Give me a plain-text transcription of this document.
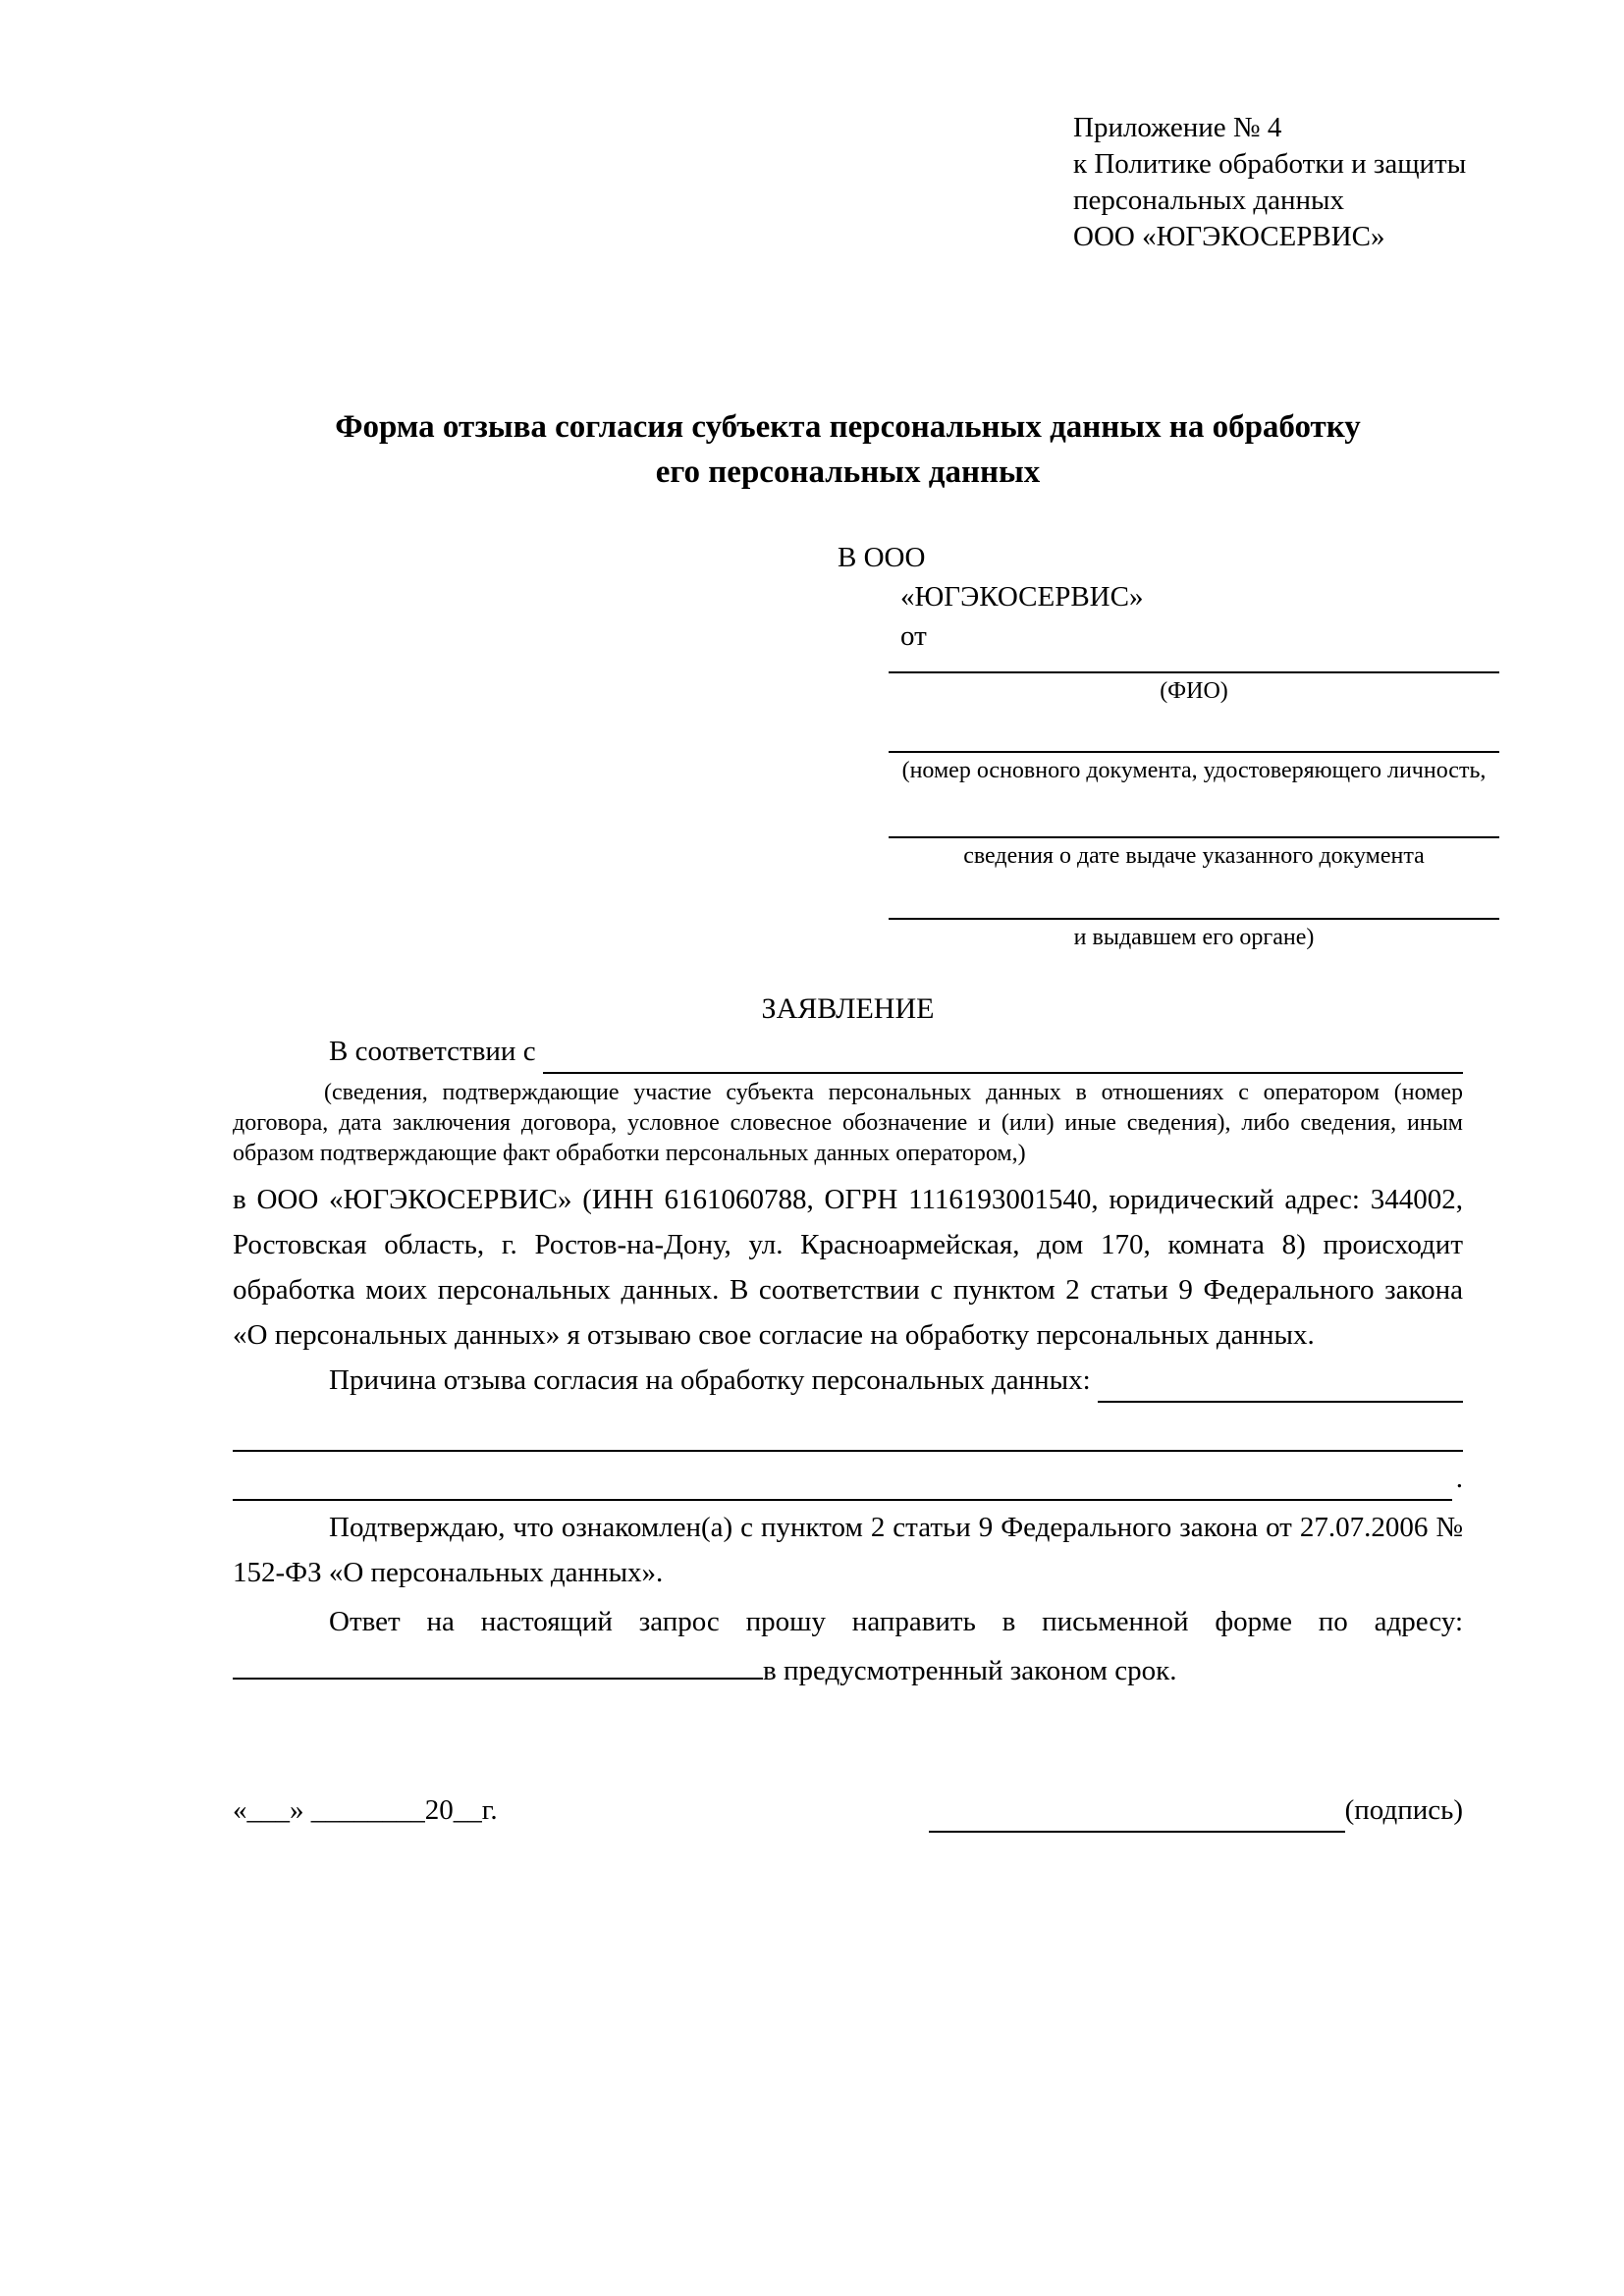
Приложение № 4
к Политике обработки и защиты
персональных данных
ООО «ЮГЭКОСЕРВИС»
Форма отзыва согласия субъекта персональных данных на обработку
его персональных данных
В ООО
«ЮГЭКОСЕРВИС»
от
(ФИО)
(номер основного документа, удостоверяющего личность,
сведения о дате выдаче указанного документа
и выдавшем его органе)
ЗАЯВЛЕНИЕ
В соответствии с
(сведения, подтверждающие участие субъекта персональных данных в отношениях с оператором (номер договора, дата заключения договора, условное словесное обозначение и (или) иные сведения), либо сведения, иным образом подтверждающие факт обработки персональных данных оператором,)
в ООО «ЮГЭКОСЕРВИС» (ИНН 6161060788, ОГРН 1116193001540, юридический адрес: 344002, Ростовская область, г. Ростов-на-Дону, ул. Красноармейская, дом 170, комната 8) происходит обработка моих персональных данных. В соответствии с пунктом 2 статьи 9 Федерального закона «О персональных данных» я отзываю свое согласие на обработку персональных данных.
Причина отзыва согласия на обработку персональных данных:
.
Подтверждаю, что ознакомлен(а) с пунктом 2 статьи 9 Федерального закона от 27.07.2006 № 152-ФЗ «О персональных данных».
Ответ на настоящий запрос прошу направить в письменной форме по адресу: в предусмотренный законом срок.
«___» ________20__г.	(подпись)
